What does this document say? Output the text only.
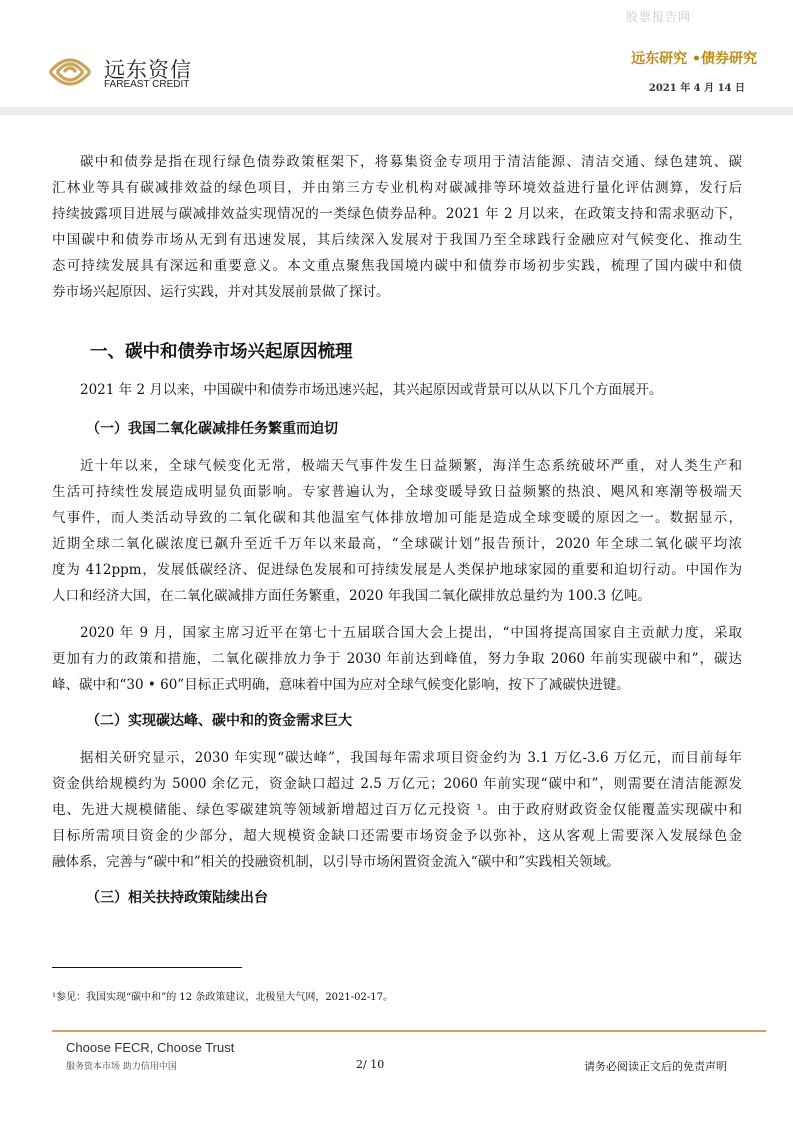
股票报告网
远东资信
FAREAST CREDIT
远东研究 •债券研究
2021 年 4 月 14 日
碳中和债券是指在现行绿色债券政策框架下，将募集资金专项用于清洁能源、清洁交通、绿色建筑、碳
汇林业等具有碳减排效益的绿色项目，并由第三方专业机构对碳减排等环境效益进行量化评估测算，发行后
持续披露项目进展与碳减排效益实现情况的一类绿色债券品种。2021 年 2 月以来，在政策支持和需求驱动下，
中国碳中和债券市场从无到有迅速发展，其后续深入发展对于我国乃至全球践行金融应对气候变化、推动生
态可持续发展具有深远和重要意义。本文重点聚焦我国境内碳中和债券市场初步实践，梳理了国内碳中和债
券市场兴起原因、运行实践，并对其发展前景做了探讨。
一、碳中和债券市场兴起原因梳理
2021 年 2 月以来，中国碳中和债券市场迅速兴起，其兴起原因或背景可以从以下几个方面展开。
（一）我国二氧化碳减排任务繁重而迫切
近十年以来，全球气候变化无常，极端天气事件发生日益频繁，海洋生态系统破坏严重，对人类生产和
生活可持续性发展造成明显负面影响。专家普遍认为，全球变暖导致日益频繁的热浪、飓风和寒潮等极端天
气事件，而人类活动导致的二氧化碳和其他温室气体排放增加可能是造成全球变暖的原因之一。数据显示，
近期全球二氧化碳浓度已飙升至近千万年以来最高，“全球碳计划”报告预计，2020 年全球二氧化碳平均浓
度为 412ppm，发展低碳经济、促进绿色发展和可持续发展是人类保护地球家园的重要和迫切行动。中国作为
人口和经济大国，在二氧化碳减排方面任务繁重，2020 年我国二氧化碳排放总量约为 100.3 亿吨。
2020 年 9 月，国家主席习近平在第七十五届联合国大会上提出，“中国将提高国家自主贡献力度，采取
更加有力的政策和措施，二氧化碳排放力争于 2030 年前达到峰值，努力争取 2060 年前实现碳中和”，碳达
峰、碳中和“30 • 60”目标正式明确，意味着中国为应对全球气候变化影响，按下了减碳快进键。
（二）实现碳达峰、碳中和的资金需求巨大
据相关研究显示，2030 年实现“碳达峰”，我国每年需求项目资金约为 3.1 万亿-3.6 万亿元，而目前每年
资金供给规模约为 5000 余亿元，资金缺口超过 2.5 万亿元；2060 年前实现“碳中和”，则需要在清洁能源发
电、先进大规模储能、绿色零碳建筑等领域新增超过百万亿元投资 ¹。由于政府财政资金仅能覆盖实现碳中和
目标所需项目资金的少部分，超大规模资金缺口还需要市场资金予以弥补，这从客观上需要深入发展绿色金
融体系，完善与“碳中和”相关的投融资机制，以引导市场闲置资金流入“碳中和”实践相关领域。
（三）相关扶持政策陆续出台
¹参见：我国实现“碳中和”的 12 条政策建议，北极星大气网，2021-02-17。
Choose FECR, Choose Trust
服务资本市场 助力信用中国	2/ 10	请务必阅读正文后的免责声明
